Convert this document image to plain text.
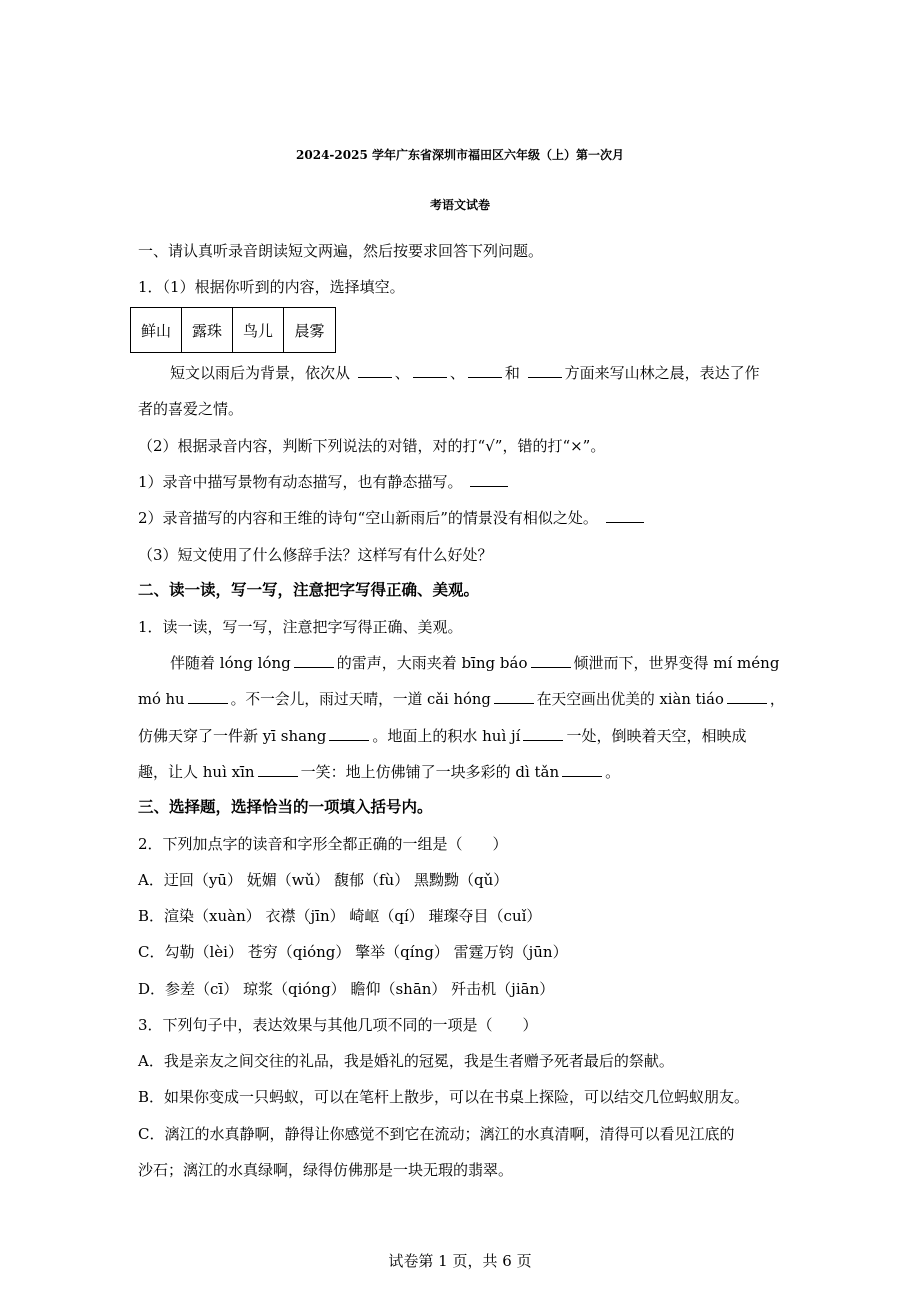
2024-2025 学年广东省深圳市福田区六年级（上）第一次月
考语文试卷
一、请认真听录音朗读短文两遍，然后按要求回答下列问题。
1．（1）根据你听到的内容，选择填空。
鲜山	露珠	鸟儿	晨雾
短文以雨后为背景，依次从	、	、	和	方面来写山林之晨，表达了作
者的喜爱之情。
（2）根据录音内容，判断下列说法的对错，对的打“√”，错的打“×”。
1）录音中描写景物有动态描写，也有静态描写。
2）录音描写的内容和王维的诗句“空山新雨后”的情景没有相似之处。
（3）短文使用了什么修辞手法？这样写有什么好处？
二、读一读，写一写，注意把字写得正确、美观。
1．读一读，写一写，注意把字写得正确、美观。
伴随着 lóng lóng	的雷声，大雨夹着 bīng báo	倾泄而下，世界变得 mí méng
mó hu	。不一会儿，雨过天晴，一道 cǎi hóng	在天空画出优美的 xiàn tiáo	，
仿佛天穿了一件新 yī shang	。地面上的积水 huì jí	一处，倒映着天空，相映成
趣，让人 huì xīn	一笑：地上仿佛铺了一块多彩的 dì tǎn	。
三、选择题，选择恰当的一项填入括号内。
2．下列加点字的读音和字形全都正确的一组是（　　）
A．迂回（yū） 妩媚（wǔ） 馥郁（fù） 黑黝黝（qǔ）
B．渲染（xuàn） 衣襟（jīn） 崎岖（qí） 璀璨夺目（cuǐ）
C．勾勒（lèi） 苍穷（qióng） 擎举（qíng） 雷霆万钧（jūn）
D．参差（cī） 琼浆（qióng） 瞻仰（shān） 歼击机（jiān）
3．下列句子中，表达效果与其他几项不同的一项是（　　）
A．我是亲友之间交往的礼品，我是婚礼的冠冕，我是生者赠予死者最后的祭献。
B．如果你变成一只蚂蚁，可以在笔杆上散步，可以在书桌上探险，可以结交几位蚂蚁朋友。
C．漓江的水真静啊，静得让你感觉不到它在流动；漓江的水真清啊，清得可以看见江底的
沙石；漓江的水真绿啊，绿得仿佛那是一块无瑕的翡翠。
试卷第 1 页，共 6 页
